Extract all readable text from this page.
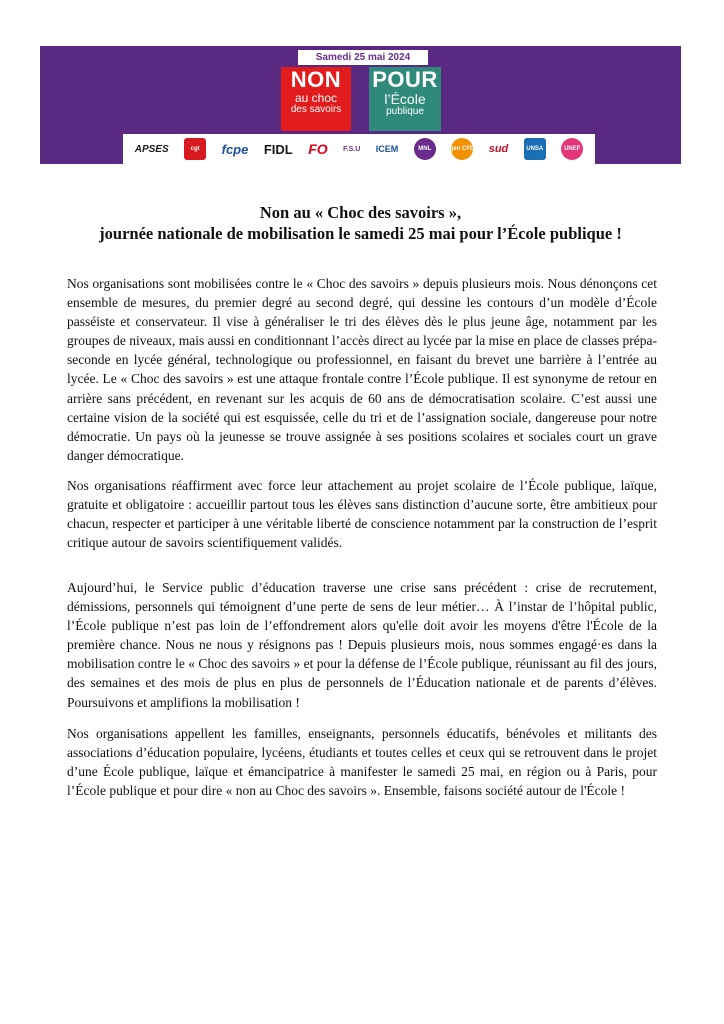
Samedi 25 mai 2024
NON
au choc
des savoirs
POUR
l’École
publique
APSES	cgt	fcpe FIDL FO F.S.U ICEM	MNL	sgen CFDT sud	UNSA	UNEF
Non au « Choc des savoirs »,
journée nationale de mobilisation le samedi 25 mai pour l’École publique !

Nos organisations sont mobilisées contre le « Choc des savoirs » depuis plusieurs mois. Nous dénonçons cet ensemble de mesures, du premier degré au second degré, qui dessine les contours d’un modèle d’École passéiste et conservateur. Il vise à généraliser le tri des élèves dès le plus jeune âge, notamment par les groupes de niveaux, mais aussi en conditionnant l’accès direct au lycée par la mise en place de classes prépa-seconde en lycée général, technologique ou professionnel, en faisant du brevet une barrière à l’entrée au lycée. Le « Choc des savoirs » est une attaque frontale contre l’École publique. Il est synonyme de retour en arrière sans précédent, en revenant sur les acquis de 60 ans de démocratisation scolaire. C’est aussi une certaine vision de la société qui est esquissée, celle du tri et de l’assignation sociale, dangereuse pour notre démocratie. Un pays où la jeunesse se trouve assignée à ses positions scolaires et sociales court un grave danger démocratique.

Nos organisations réaffirment avec force leur attachement au projet scolaire de l’École publique, laïque, gratuite et obligatoire : accueillir partout tous les élèves sans distinction d’aucune sorte, être ambitieux pour chacun, respecter et participer à une véritable liberté de conscience notamment par la construction de l’esprit critique autour de savoirs scientifiquement validés.

Aujourd’hui, le Service public d’éducation traverse une crise sans précédent : crise de recrutement, démissions, personnels qui témoignent d’une perte de sens de leur métier… À l’instar de l’hôpital public, l’École publique n’est pas loin de l’effondrement alors qu'elle doit avoir les moyens d'être l'École de la première chance. Nous ne nous y résignons pas ! Depuis plusieurs mois, nous sommes engagé·es dans la mobilisation contre le « Choc des savoirs » et pour la défense de l’École publique, réunissant au fil des jours, des semaines et des mois de plus en plus de personnels de l’Éducation nationale et de parents d’élèves. Poursuivons et amplifions la mobilisation !

Nos organisations appellent les familles, enseignants, personnels éducatifs, bénévoles et militants des associations d’éducation populaire, lycéens, étudiants et toutes celles et ceux qui se retrouvent dans le projet d’une École publique, laïque et émancipatrice à manifester le samedi 25 mai, en région ou à Paris, pour l’École publique et pour dire « non au Choc des savoirs ». Ensemble, faisons société autour de l'École !
